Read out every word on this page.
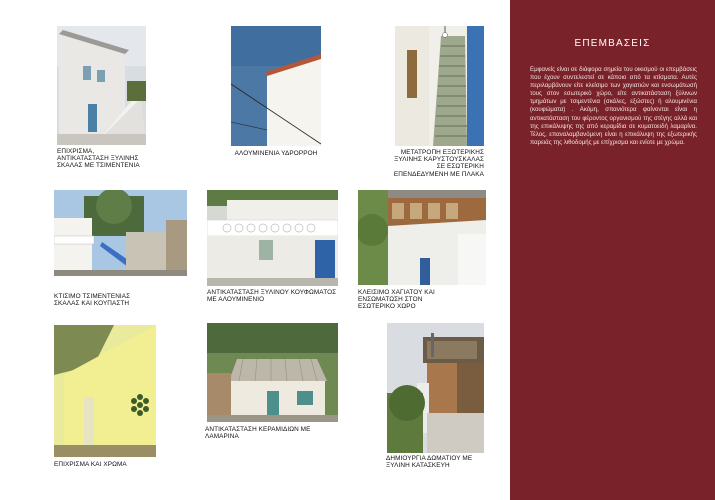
ΕΠΙΧΡΙΣΜΑ, ΑΝΤΙΚΑΤΑΣΤΑΣΗ ΞΥΛΙΝΗΣ ΣΚΑΛΑΣ ΜΕ ΤΣΙΜΕΝΤΕΝΙΑ
ΑΛΟΥΜΙΝΕΝΙΑ ΥΔΡΟΡΡΟΗ	ΜΕΤΑΤΡΟΠΗ ΕΞΩΤΕΡΙΚΗΣ ΞΥΛΙΝΗΣ ΚΑΡΥΣΤΟΥΣΚΑΛΑΣ ΣΕ ΕΣΩΤΕΡΙΚΗ ΕΠΕΝΔΕΔΥΜΕΝΗ ΜΕ ΠΛΑΚΑ
ΚΤΙΣΙΜΟ ΤΣΙΜΕΝΤΕΝΙΑΣ ΣΚΑΛΑΣ ΚΑΙ ΚΟΥΠΑΣΤΗ
ΑΝΤΙΚΑΤΑΣΤΑΣΗ ΞΥΛΙΝΟΥ ΚΟΥΦΩΜΑΤΟΣ ΜΕ ΑΛΟΥΜΙΝΕΝΙΟ
ΚΛΕΙΣΙΜΟ ΧΑΓΙΑΤΟΥ ΚΑΙ ΕΝΣΩΜΑΤΩΣΗ ΣΤΟΝ ΕΣΩΤΕΡΙΚΟ ΧΩΡΟ
ΕΠΙΧΡΙΣΜΑ ΚΑΙ ΧΡΩΜΑ
ΑΝΤΙΚΑΤΑΣΤΑΣΗ ΚΕΡΑΜΙΔΙΩΝ ΜΕ ΛΑΜΑΡΙΝΑ
ΔΗΜΙΟΥΡΓΙΑ ΔΩΜΑΤΙΟΥ ΜΕ ΞΥΛΙΝΗ ΚΑΤΑΣΚΕΥΗ
ΕΠΕΜΒΑΣΕΙΣ
Εμφανείς είναι σε διάφορα σημεία του οικισμού οι επεμβάσεις που έχουν συντελεστεί σε κάποιο από τα κτίσματα. Αυτές περιλαμβάνουν είτε κλείσιμο των χαγιατιών και ενσωμάτωσή τους στον εσωτερικό χώρο, είτε αντικατάσταση ξύλινων τμημάτων με τσιμεντένια (σκάλες, εξώστες) ή αλουμινένια (κουφώματα) . Ακόμη, σπανιότερα φαίνονται είναι η αντικατάσταση του φέροντος οργανισμού της στέγης αλλά και της επικάλυψης της από κεραμίδια σε κυματοειδή λαμαρίνα. Τέλος, επαναλαμβανόμενη είναι η επικάλυψη της εξωτερικής παρειάς της λιθοδομής με επίχρισμα και ενίοτε με χρώμα.
